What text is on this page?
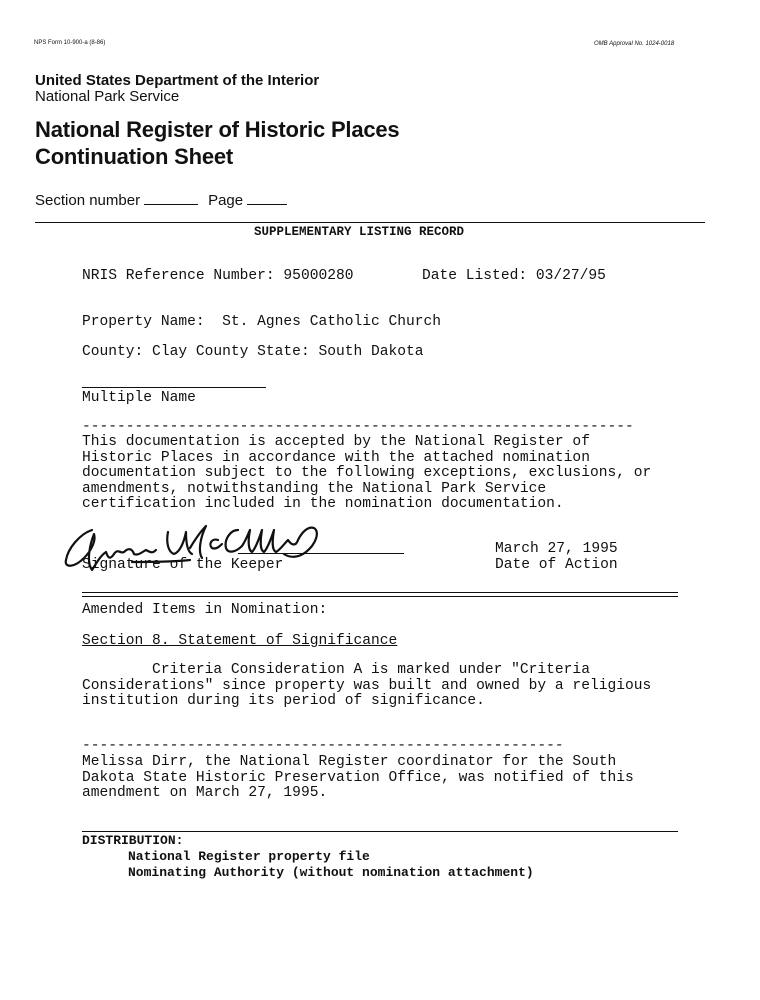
NPS Form 10-900-a (8-86)	OMB Approval No. 1024-0018
United States Department of the Interior
National Park Service
National Register of Historic Places
Continuation Sheet
Section number	Page
SUPPLEMENTARY LISTING RECORD
NRIS Reference Number: 95000280	Date Listed: 03/27/95
Property Name:  St. Agnes Catholic Church
County: Clay County State: South Dakota
Multiple Name
---------------------------------------------------------------
This documentation is accepted by the National Register of
Historic Places in accordance with the attached nomination
documentation subject to the following exceptions, exclusions, or
amendments, notwithstanding the National Park Service
certification included in the nomination documentation.
Signature of the Keeper
March 27, 1995
Date of Action
Amended Items in Nomination:
Section 8. Statement of Significance
Criteria Consideration A is marked under "Criteria
Considerations" since property was built and owned by a religious
institution during its period of significance.
-------------------------------------------------------
Melissa Dirr, the National Register coordinator for the South
Dakota State Historic Preservation Office, was notified of this
amendment on March 27, 1995.
DISTRIBUTION:
National Register property file
Nominating Authority (without nomination attachment)
